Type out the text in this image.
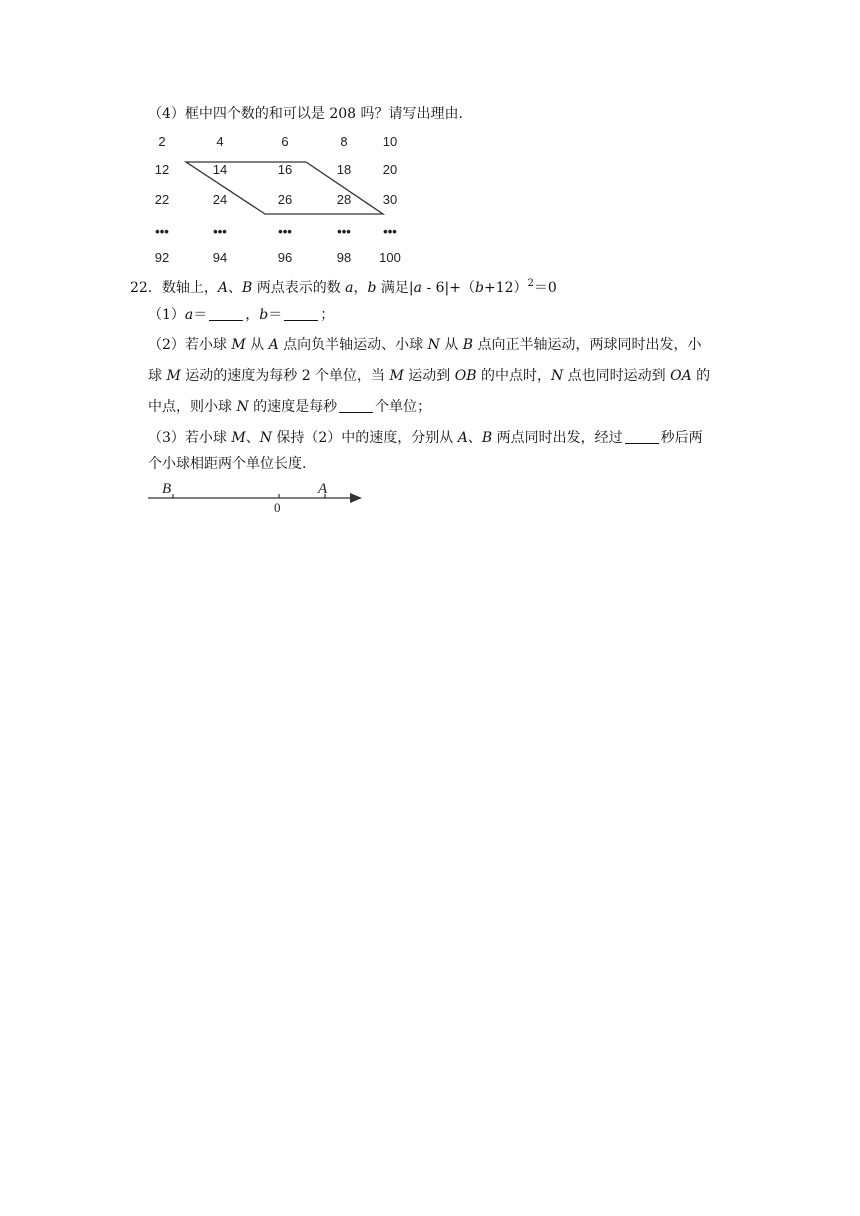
（4）框中四个数的和可以是 208 吗？请写出理由.
2	4	6	8	10
12	14	16	18 20
22	24	26	28 30
•••	•••	•••	••• •••
92	94	96	98 100
22．数轴上，A、B 两点表示的数 a，b 满足$|a - 6|+(b+12)^2=0$
（1）a＝	，b＝	；
（2）若小球 M 从 A 点向负半轴运动、小球 N 从 B 点向正半轴运动，两球同时出发，小
球 M 运动的速度为每秒 2 个单位，当 M 运动到 OB 的中点时，N 点也同时运动到 OA 的
中点，则小球 N 的速度是每秒	个单位；
（3）若小球 M、N 保持（2）中的速度，分别从 A、B 两点同时出发，经过	秒后两
个小球相距两个单位长度.
B	A
0
